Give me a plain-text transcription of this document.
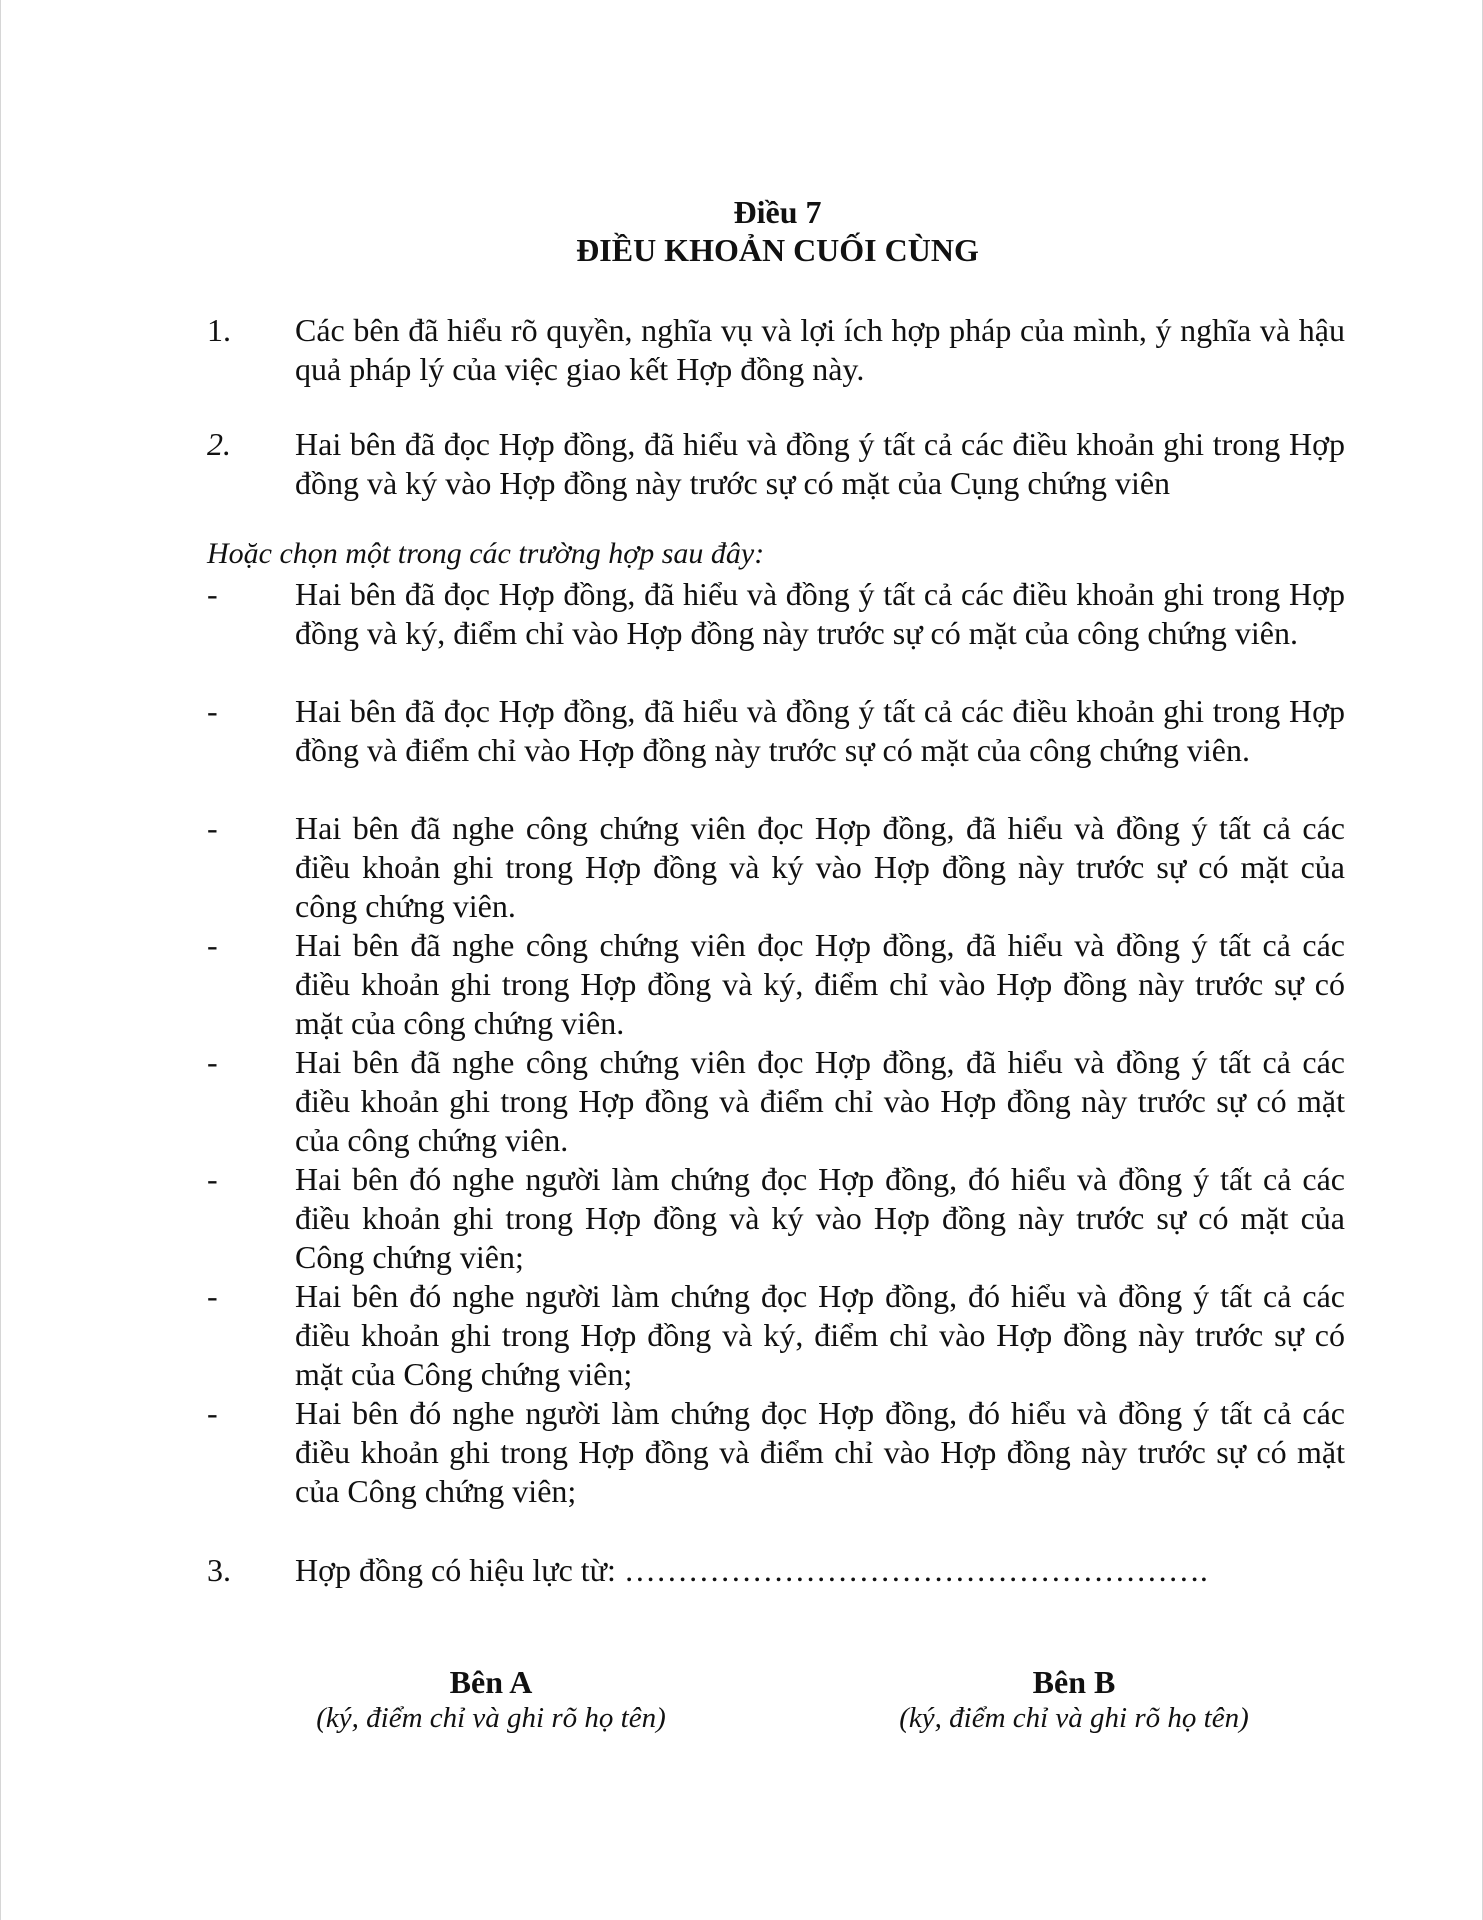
Điều 7
ĐIỀU KHOẢN CUỐI CÙNG
1. Các bên đã hiểu rõ quyền, nghĩa vụ và lợi ích hợp pháp của mình, ý nghĩa và hậu quả pháp lý của việc giao kết Hợp đồng này.
2. Hai bên đã đọc Hợp đồng, đã hiểu và đồng ý tất cả các điều khoản ghi trong Hợp đồng và ký vào Hợp đồng này trước sự có mặt của Cụng chứng viên
Hoặc chọn một trong các trường hợp sau đây:
- Hai bên đã đọc Hợp đồng, đã hiểu và đồng ý tất cả các điều khoản ghi trong Hợp đồng và ký, điểm chỉ vào Hợp đồng này trước sự có mặt của công chứng viên.
- Hai bên đã đọc Hợp đồng, đã hiểu và đồng ý tất cả các điều khoản ghi trong Hợp đồng và điểm chỉ vào Hợp đồng này trước sự có mặt của công chứng viên.
- Hai bên đã nghe công chứng viên đọc Hợp đồng, đã hiểu và đồng ý tất cả các điều khoản ghi trong Hợp đồng và ký vào Hợp đồng này trước sự có mặt của công chứng viên.
- Hai bên đã nghe công chứng viên đọc Hợp đồng, đã hiểu và đồng ý tất cả các điều khoản ghi trong Hợp đồng và ký, điểm chỉ vào Hợp đồng này trước sự có mặt của công chứng viên.
- Hai bên đã nghe công chứng viên đọc Hợp đồng, đã hiểu và đồng ý tất cả các điều khoản ghi trong Hợp đồng và điểm chỉ vào Hợp đồng này trước sự có mặt của công chứng viên.
- Hai bên đó nghe người làm chứng đọc Hợp đồng, đó hiểu và đồng ý tất cả các điều khoản ghi trong Hợp đồng và ký vào Hợp đồng này trước sự có mặt của Công chứng viên;
- Hai bên đó nghe người làm chứng đọc Hợp đồng, đó hiểu và đồng ý tất cả các điều khoản ghi trong Hợp đồng và ký, điểm chỉ vào Hợp đồng này trước sự có mặt của Công chứng viên;
- Hai bên đó nghe người làm chứng đọc Hợp đồng, đó hiểu và đồng ý tất cả các điều khoản ghi trong Hợp đồng và điểm chỉ vào Hợp đồng này trước sự có mặt của Công chứng viên;
3. Hợp đồng có hiệu lực từ: ……………………………………………….
Bên A
(ký, điểm chỉ và ghi rõ họ tên)
Bên B
(ký, điểm chỉ và ghi rõ họ tên)
